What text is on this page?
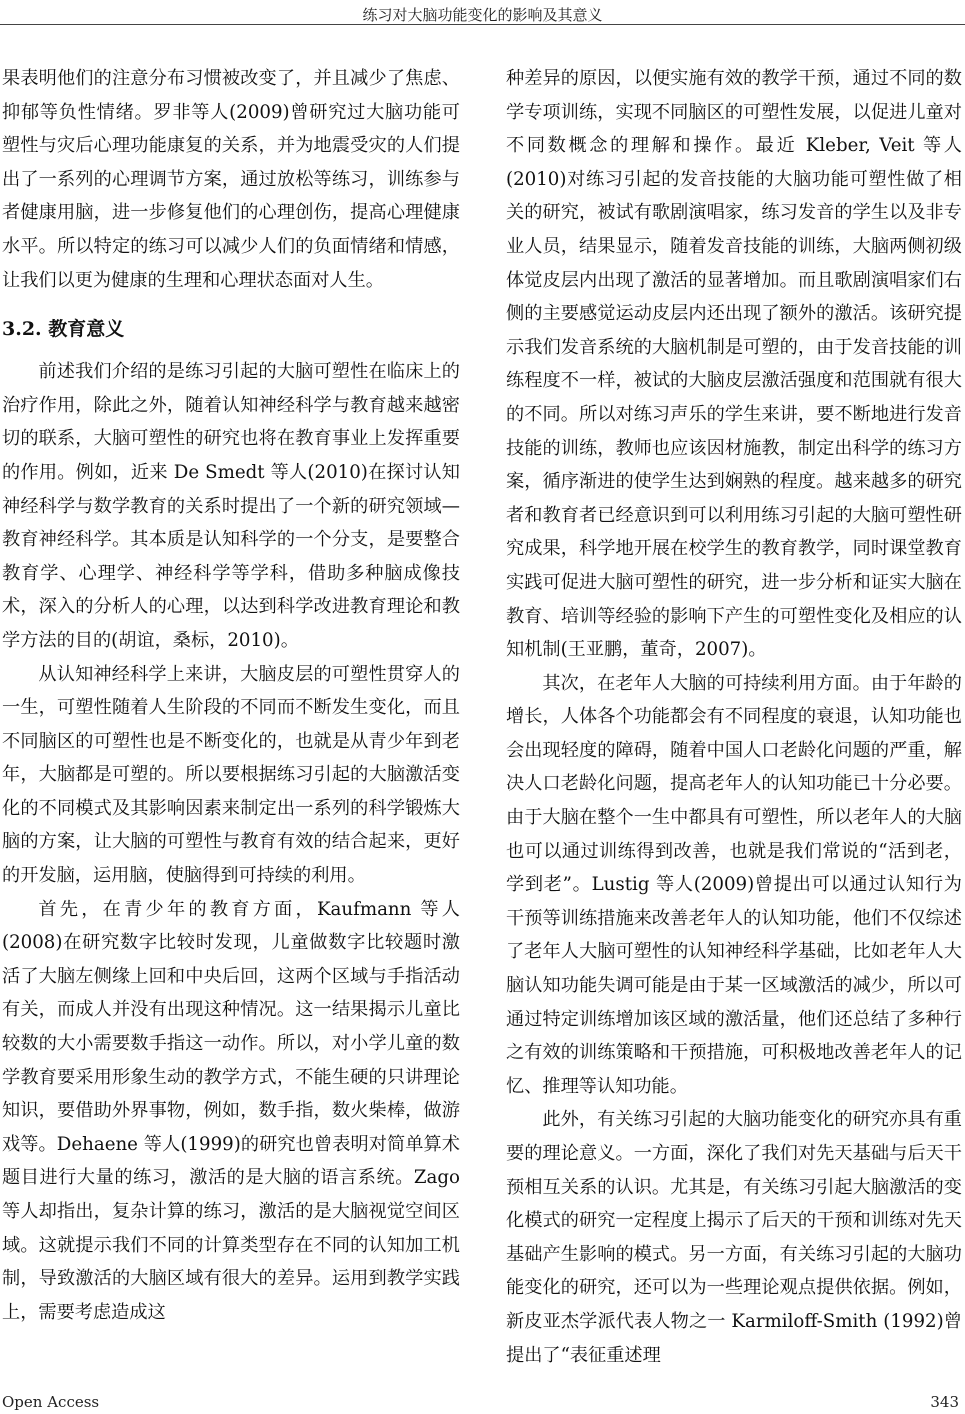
练习对大脑功能变化的影响及其意义

果表明他们的注意分布习惯被改变了，并且减少了焦虑、抑郁等负性情绪。罗非等人(2009)曾研究过大脑功能可塑性与灾后心理功能康复的关系，并为地震受灾的人们提出了一系列的心理调节方案，通过放松等练习，训练参与者健康用脑，进一步修复他们的心理创伤，提高心理健康水平。所以特定的练习可以减少人们的负面情绪和情感，让我们以更为健康的生理和心理状态面对人生。

3.2. 教育意义

前述我们介绍的是练习引起的大脑可塑性在临床上的治疗作用，除此之外，随着认知神经科学与教育越来越密切的联系，大脑可塑性的研究也将在教育事业上发挥重要的作用。例如，近来 De Smedt 等人(2010)在探讨认知神经科学与数学教育的关系时提出了一个新的研究领域—教育神经科学。其本质是认知科学的一个分支，是要整合教育学、心理学、神经科学等学科，借助多种脑成像技术，深入的分析人的心理，以达到科学改进教育理论和教学方法的目的(胡谊，桑标，2010)。

从认知神经科学上来讲，大脑皮层的可塑性贯穿人的一生，可塑性随着人生阶段的不同而不断发生变化，而且不同脑区的可塑性也是不断变化的，也就是从青少年到老年，大脑都是可塑的。所以要根据练习引起的大脑激活变化的不同模式及其影响因素来制定出一系列的科学锻炼大脑的方案，让大脑的可塑性与教育有效的结合起来，更好的开发脑，运用脑，使脑得到可持续的利用。

首先，在青少年的教育方面，Kaufmann 等人(2008)在研究数字比较时发现，儿童做数字比较题时激活了大脑左侧缘上回和中央后回，这两个区域与手指活动有关，而成人并没有出现这种情况。这一结果揭示儿童比较数的大小需要数手指这一动作。所以，对小学儿童的数学教育要采用形象生动的教学方式，不能生硬的只讲理论知识，要借助外界事物，例如，数手指，数火柴棒，做游戏等。Dehaene 等人(1999)的研究也曾表明对简单算术题目进行大量的练习，激活的是大脑的语言系统。Zago 等人却指出，复杂计算的练习，激活的是大脑视觉空间区域。这就提示我们不同的计算类型存在不同的认知加工机制，导致激活的大脑区域有很大的差异。运用到教学实践上，需要考虑造成这

种差异的原因，以便实施有效的教学干预，通过不同的数学专项训练，实现不同脑区的可塑性发展，以促进儿童对不同数概念的理解和操作。最近 Kleber, Veit 等人(2010)对练习引起的发音技能的大脑功能可塑性做了相关的研究，被试有歌剧演唱家，练习发音的学生以及非专业人员，结果显示，随着发音技能的训练，大脑两侧初级体觉皮层内出现了激活的显著增加。而且歌剧演唱家们右侧的主要感觉运动皮层内还出现了额外的激活。该研究提示我们发音系统的大脑机制是可塑的，由于发音技能的训练程度不一样，被试的大脑皮层激活强度和范围就有很大的不同。所以对练习声乐的学生来讲，要不断地进行发音技能的训练，教师也应该因材施教，制定出科学的练习方案，循序渐进的使学生达到娴熟的程度。越来越多的研究者和教育者已经意识到可以利用练习引起的大脑可塑性研究成果，科学地开展在校学生的教育教学，同时课堂教育实践可促进大脑可塑性的研究，进一步分析和证实大脑在教育、培训等经验的影响下产生的可塑性变化及相应的认知机制(王亚鹏，董奇，2007)。

其次，在老年人大脑的可持续利用方面。由于年龄的增长，人体各个功能都会有不同程度的衰退，认知功能也会出现轻度的障碍，随着中国人口老龄化问题的严重，解决人口老龄化问题，提高老年人的认知功能已十分必要。由于大脑在整个一生中都具有可塑性，所以老年人的大脑也可以通过训练得到改善，也就是我们常说的“活到老，学到老”。Lustig 等人(2009)曾提出可以通过认知行为干预等训练措施来改善老年人的认知功能，他们不仅综述了老年人大脑可塑性的认知神经科学基础，比如老年人大脑认知功能失调可能是由于某一区域激活的减少，所以可通过特定训练增加该区域的激活量，他们还总结了多种行之有效的训练策略和干预措施，可积极地改善老年人的记忆、推理等认知功能。

此外，有关练习引起的大脑功能变化的研究亦具有重要的理论意义。一方面，深化了我们对先天基础与后天干预相互关系的认识。尤其是，有关练习引起大脑激活的变化模式的研究一定程度上揭示了后天的干预和训练对先天基础产生影响的模式。另一方面，有关练习引起的大脑功能变化的研究，还可以为一些理论观点提供依据。例如，新皮亚杰学派代表人物之一 Karmiloff-Smith (1992)曾提出了“表征重述理

Open Access	343
